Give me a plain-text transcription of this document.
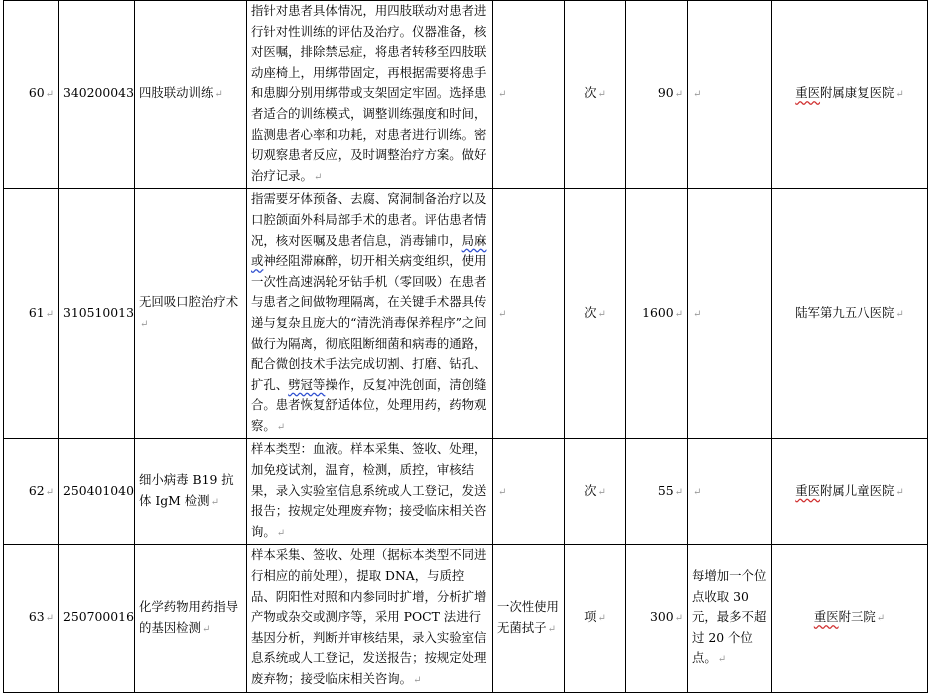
60↵	340200043	四肢联动训练↵	指针对患者具体情况，用四肢联动对患者进行针对性训练的评估及治疗。仪器准备，核对医嘱，排除禁忌症，将患者转移至四肢联动座椅上，用绑带固定，再根据需要将患手和患脚分别用绑带或支架固定牢固。选择患者适合的训练模式，调整训练强度和时间，监测患者心率和功耗，对患者进行训练。密切观察患者反应，及时调整治疗方案。做好治疗记录。↵	↵	次↵	90↵	↵	重医附属康复医院↵
61↵	310510013	无回吸口腔治疗术↵	指需要牙体预备、去腐、窝洞制备治疗以及口腔颌面外科局部手术的患者。评估患者情况，核对医嘱及患者信息，消毒铺巾，局麻或神经阻滞麻醉，切开相关病变组织，使用一次性高速涡轮牙钻手机（零回吸）在患者与患者之间做物理隔离，在关键手术器具传递与复杂且庞大的“清洗消毒保养程序”之间做行为隔离，彻底阻断细菌和病毒的通路，配合微创技术手法完成切割、打磨、钻孔、扩孔、劈冠等操作，反复冲洗创面，清创缝合。患者恢复舒适体位，处理用药，药物观察。↵	↵	次↵	1600↵	↵	陆军第九五八医院↵
62↵	250401040	细小病毒 B19 抗体 IgM 检测↵	样本类型：血液。样本采集、签收、处理，加免疫试剂，温育，检测，质控，审核结果，录入实验室信息系统或人工登记，发送报告；按规定处理废弃物；接受临床相关咨询。↵	↵	次↵	55↵	↵	重医附属儿童医院↵
63↵	250700016	化学药物用药指导的基因检测↵	样本采集、签收、处理（据标本类型不同进行相应的前处理），提取 DNA，与质控品、阴阳性对照和内参同时扩增，分析扩增产物或杂交或测序等，采用 POCT 法进行基因分析，判断并审核结果，录入实验室信息系统或人工登记，发送报告；按规定处理废弃物；接受临床相关咨询。↵	一次性使用无菌拭子↵	项↵	300↵	每增加一个位点收取 30 元，最多不超过 20 个位点。↵	重医附三院↵
